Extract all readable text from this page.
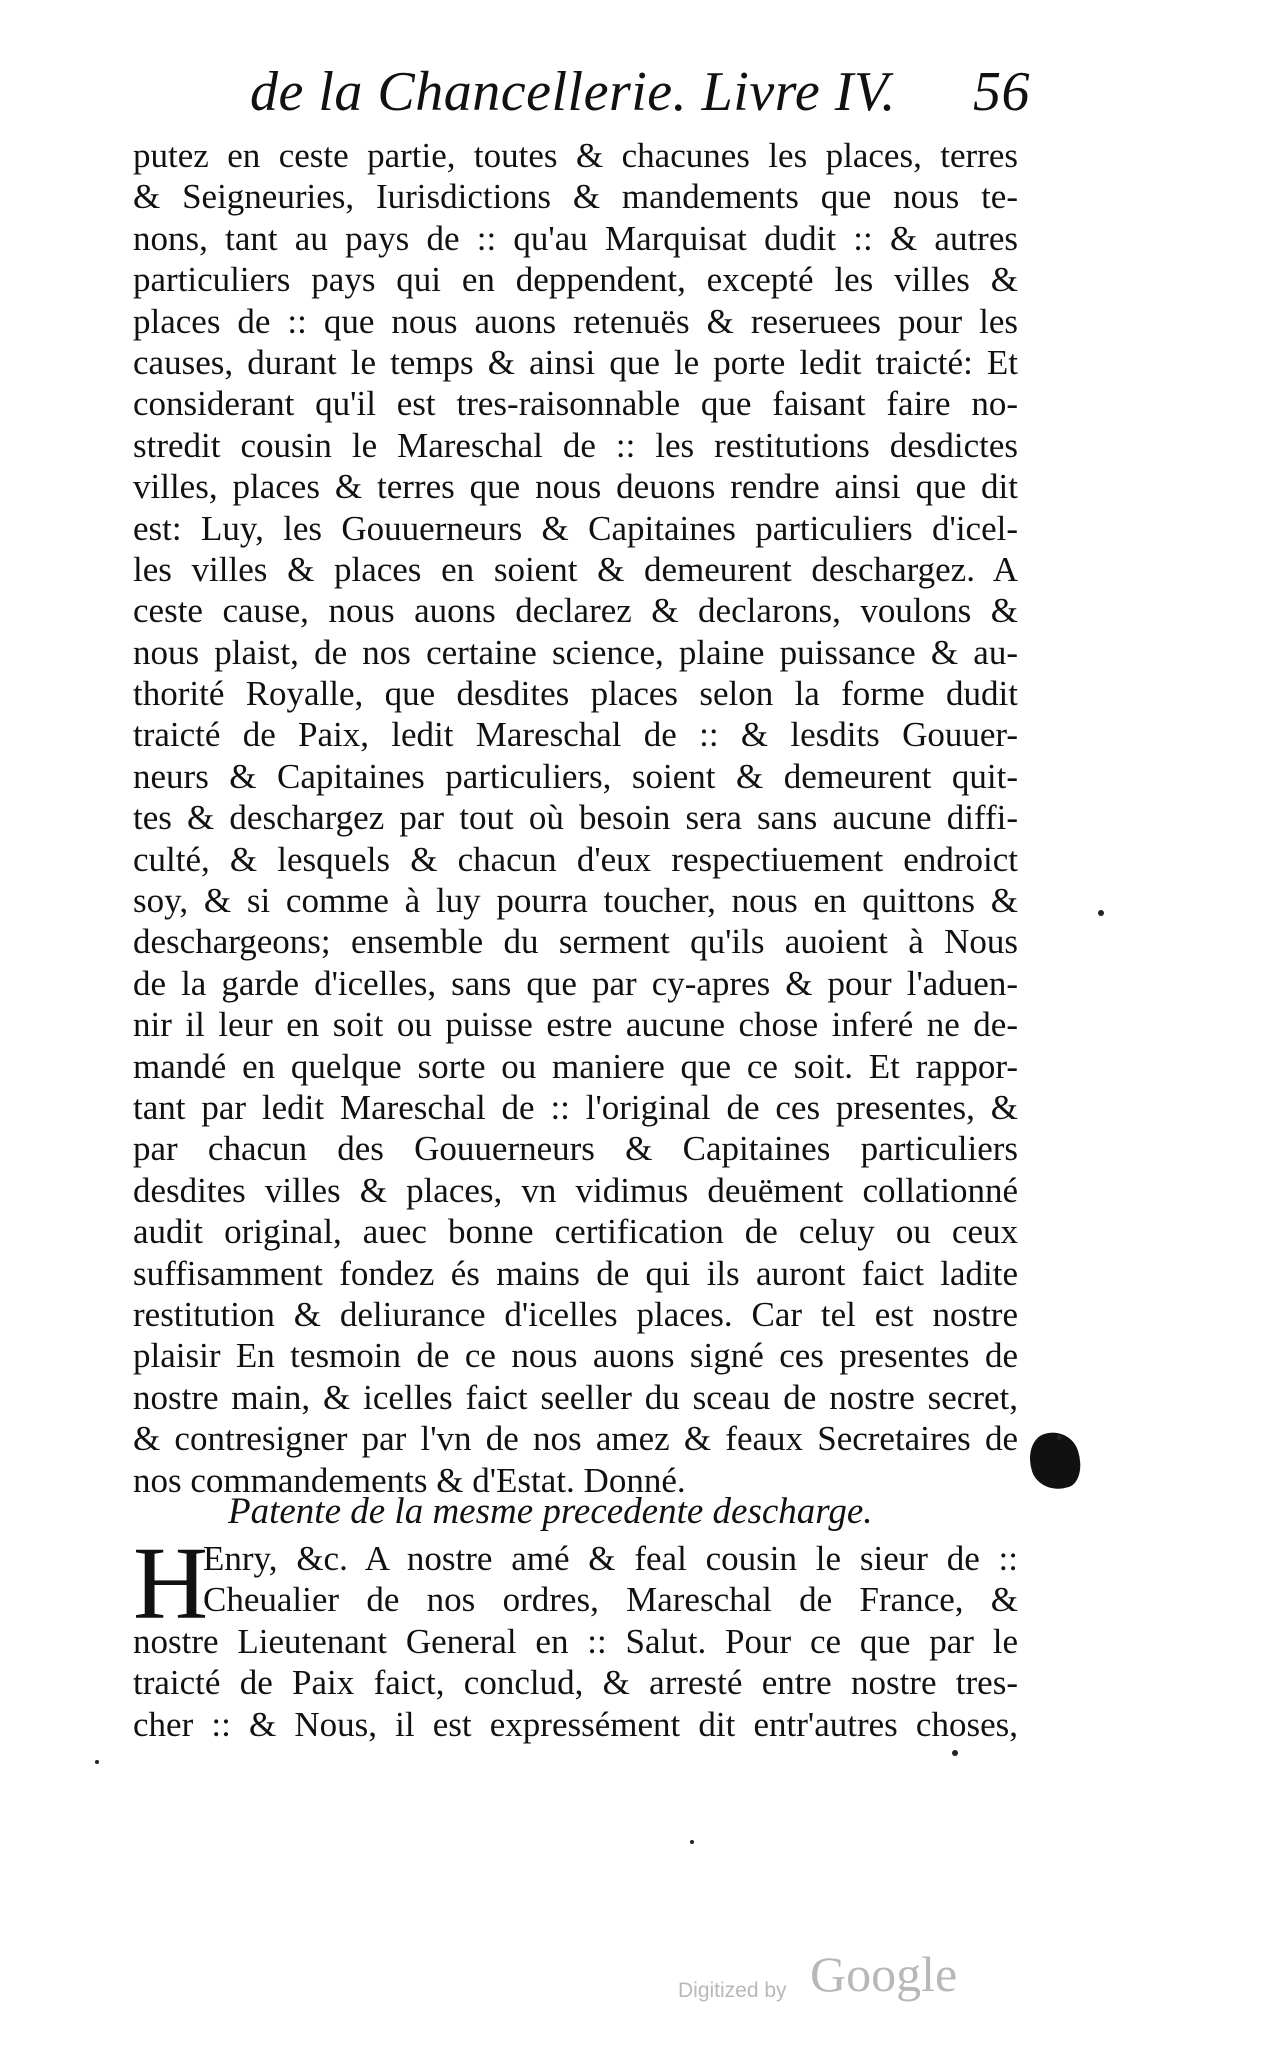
de la Chancellerie. Livre IV. 56
putez en ceste partie, toutes & chacunes les places, terres
& Seigneuries, Iurisdictions & mandements que nous te-
nons, tant au pays de :: qu'au Marquisat dudit :: & autres
particuliers pays qui en deppendent, excepté les villes &
places de :: que nous auons retenuës & reseruees pour les
causes, durant le temps & ainsi que le porte ledit traicté: Et
considerant qu'il est tres-raisonnable que faisant faire no-
stredit cousin le Mareschal de :: les restitutions desdictes
villes, places & terres que nous deuons rendre ainsi que dit
est: Luy, les Gouuerneurs & Capitaines particuliers d'icel-
les villes & places en soient & demeurent deschargez. A
ceste cause, nous auons declarez & declarons, voulons &
nous plaist, de nos certaine science, plaine puissance & au-
thorité Royalle, que desdites places selon la forme dudit
traicté de Paix, ledit Mareschal de :: & lesdits Gouuer-
neurs & Capitaines particuliers, soient & demeurent quit-
tes & deschargez par tout où besoin sera sans aucune diffi-
culté, & lesquels & chacun d'eux respectiuement endroict
soy, & si comme à luy pourra toucher, nous en quittons &
deschargeons; ensemble du serment qu'ils auoient à Nous
de la garde d'icelles, sans que par cy-apres & pour l'aduen-
nir il leur en soit ou puisse estre aucune chose inferé ne de-
mandé en quelque sorte ou maniere que ce soit. Et rappor-
tant par ledit Mareschal de :: l'original de ces presentes, &
par chacun des Gouuerneurs & Capitaines particuliers
desdites villes & places, vn vidimus deuëment collationné
audit original, auec bonne certification de celuy ou ceux
suffisamment fondez és mains de qui ils auront faict ladite
restitution & deliurance d'icelles places. Car tel est nostre
plaisir En tesmoin de ce nous auons signé ces presentes de
nostre main, & icelles faict seeller du sceau de nostre secret,
& contresigner par l'vn de nos amez & feaux Secretaires de
nos commandements & d'Estat. Donné.
Patente de la mesme precedente descharge.
H
Enry, &c. A nostre amé & feal cousin le sieur de ::
Cheualier de nos ordres, Mareschal de France, &
nostre Lieutenant General en :: Salut. Pour ce que par le
traicté de Paix faict, conclud, & arresté entre nostre tres-
cher :: & Nous, il est expressément dit entr'autres choses,
Digitized by Google
